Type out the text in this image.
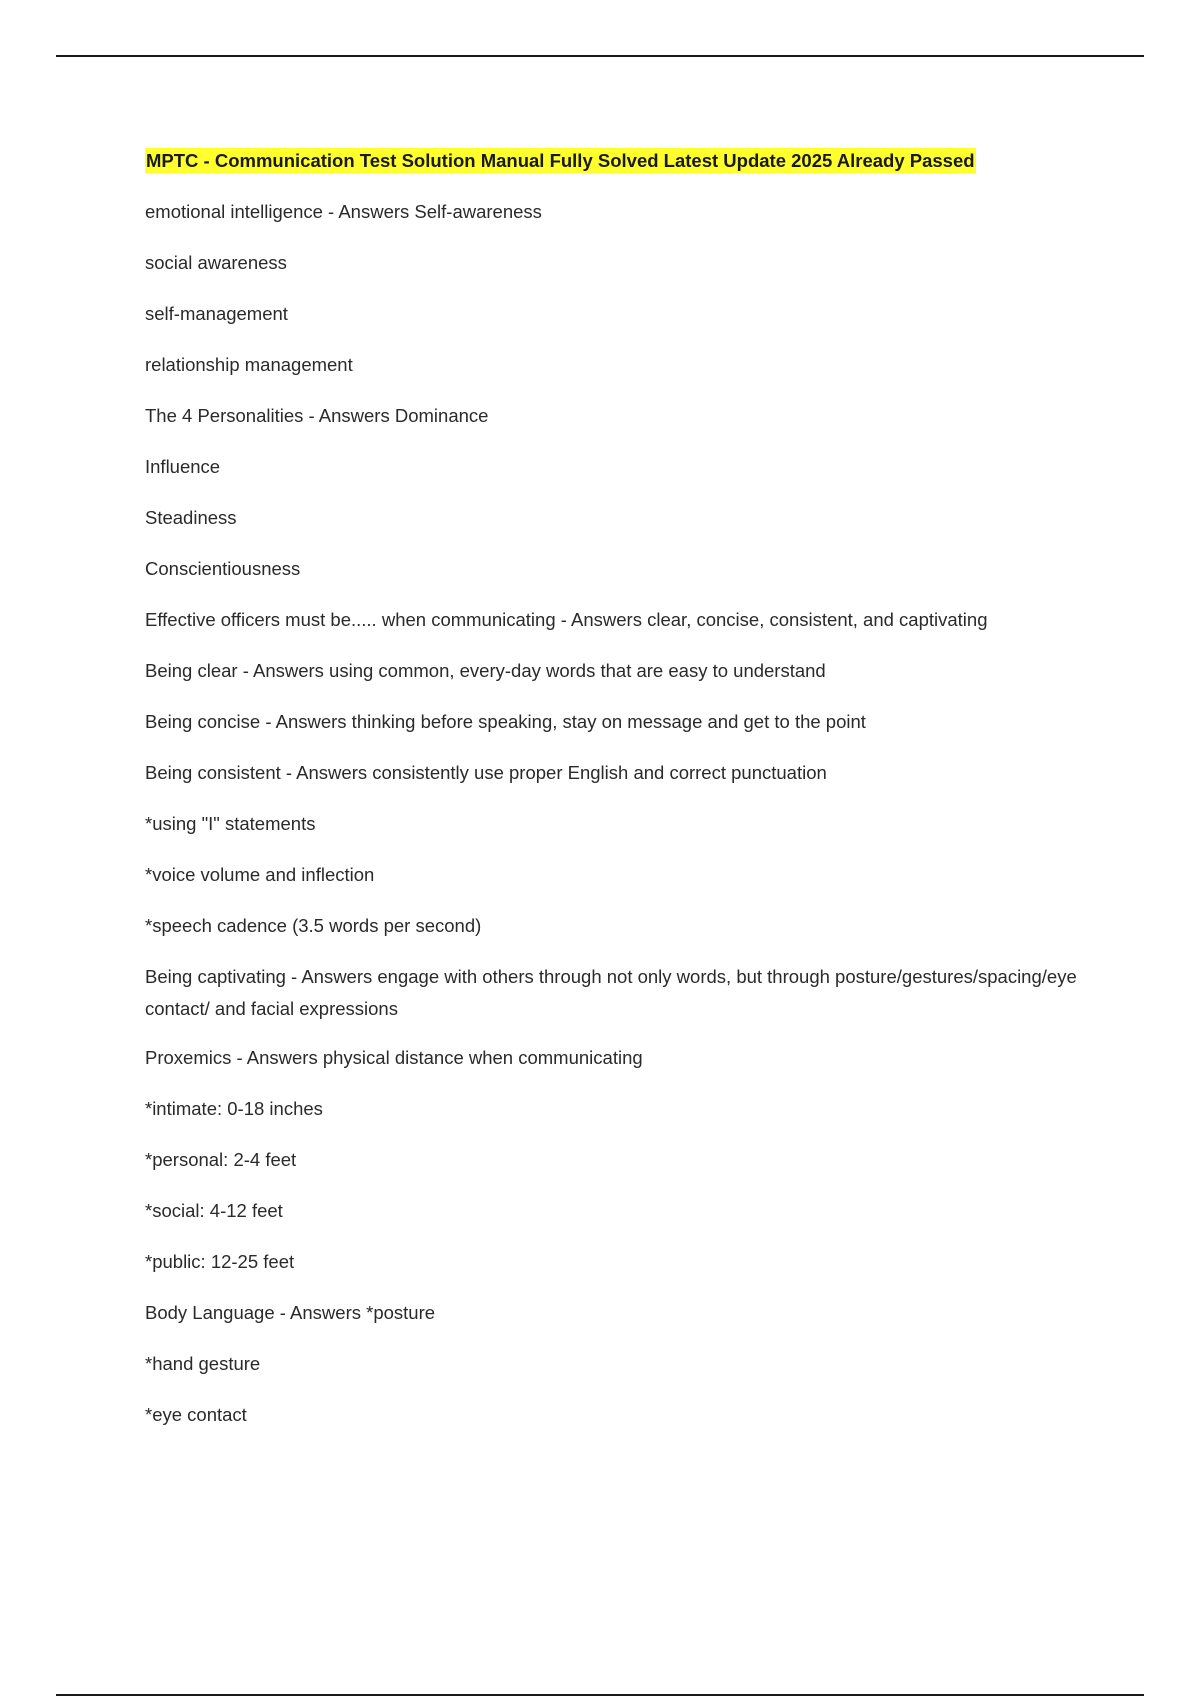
MPTC - Communication Test Solution Manual Fully Solved Latest Update 2025 Already Passed

emotional intelligence - Answers Self-awareness

social awareness

self-management

relationship management

The 4 Personalities - Answers Dominance

Influence

Steadiness

Conscientiousness

Effective officers must be..... when communicating - Answers clear, concise, consistent, and captivating

Being clear - Answers using common, every-day words that are easy to understand

Being concise - Answers thinking before speaking, stay on message and get to the point

Being consistent - Answers consistently use proper English and correct punctuation

*using "I" statements

*voice volume and inflection

*speech cadence (3.5 words per second)

Being captivating - Answers engage with others through not only words, but through posture/gestures/spacing/eye contact/ and facial expressions

Proxemics - Answers physical distance when communicating

*intimate: 0-18 inches

*personal: 2-4 feet

*social: 4-12 feet

*public: 12-25 feet

Body Language - Answers *posture

*hand gesture

*eye contact
